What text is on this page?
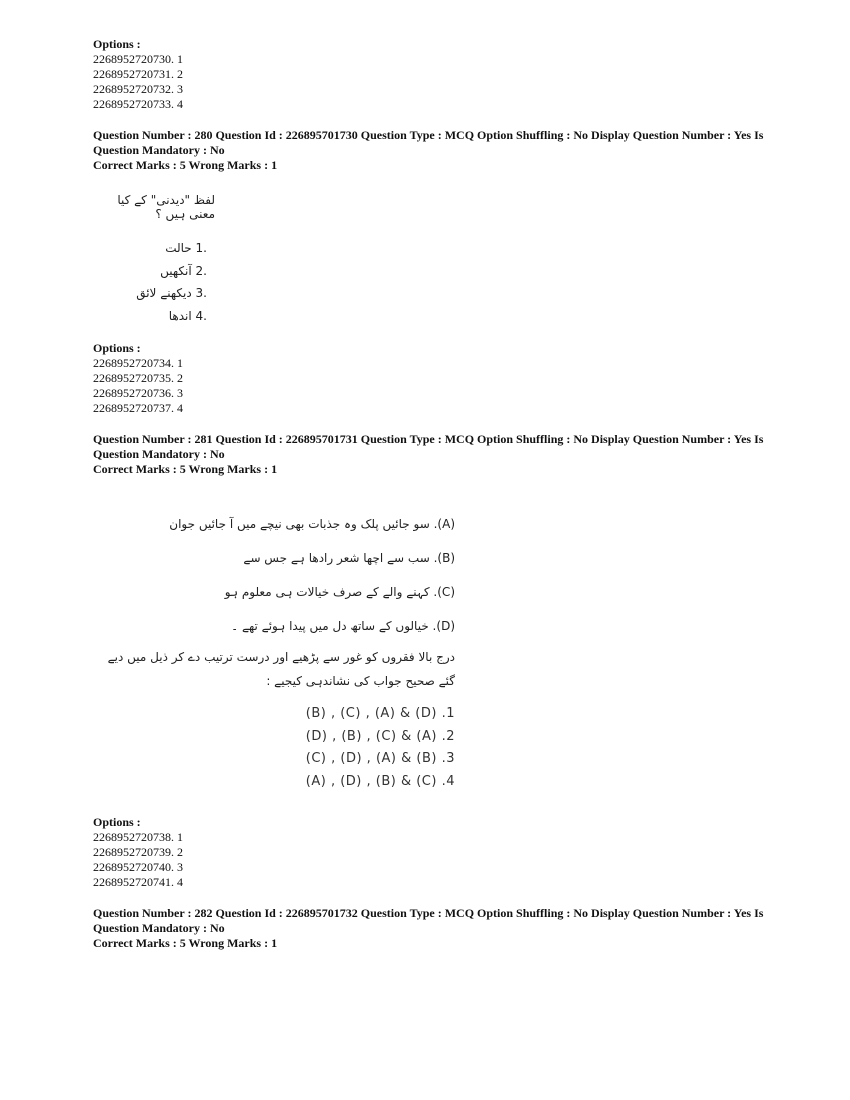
Options :
2268952720730. 1
2268952720731. 2
2268952720732. 3
2268952720733. 4
Question Number : 280 Question Id : 226895701730 Question Type : MCQ Option Shuffling : No Display Question Number : Yes Is
Question Mandatory : No
Correct Marks : 5 Wrong Marks : 1
لفظ "دیدنی" کے کیا معنی ہیں ؟
.1 حالت
.2 آنکھیں
.3 دیکھنے لائق
.4 اندھا
Options :
2268952720734. 1
2268952720735. 2
2268952720736. 3
2268952720737. 4
Question Number : 281 Question Id : 226895701731 Question Type : MCQ Option Shuffling : No Display Question Number : Yes Is
Question Mandatory : No
Correct Marks : 5 Wrong Marks : 1
(A). سو جائیں پلک وہ جذبات بھی نیچے میں آ جائیں جوان
(B). سب سے اچھا شعر رادھا ہے جس سے
(C). کہنے والے کے صرف خیالات ہی معلوم ہو
(D). خیالوں کے ساتھ دل میں پیدا ہوئے تھے ۔
درج بالا فقروں کو غور سے پڑھیے اور درست ترتیب دے کر ذیل میں دیے گئے صحیح جواب کی نشاندہی کیجیے :
(B) , (C) , (A) & (D) .1
(D) , (B) , (C) & (A) .2
(C) , (D) , (A) & (B) .3
(A) , (D) , (B) & (C) .4
Options :
2268952720738. 1
2268952720739. 2
2268952720740. 3
2268952720741. 4
Question Number : 282 Question Id : 226895701732 Question Type : MCQ Option Shuffling : No Display Question Number : Yes Is
Question Mandatory : No
Correct Marks : 5 Wrong Marks : 1
